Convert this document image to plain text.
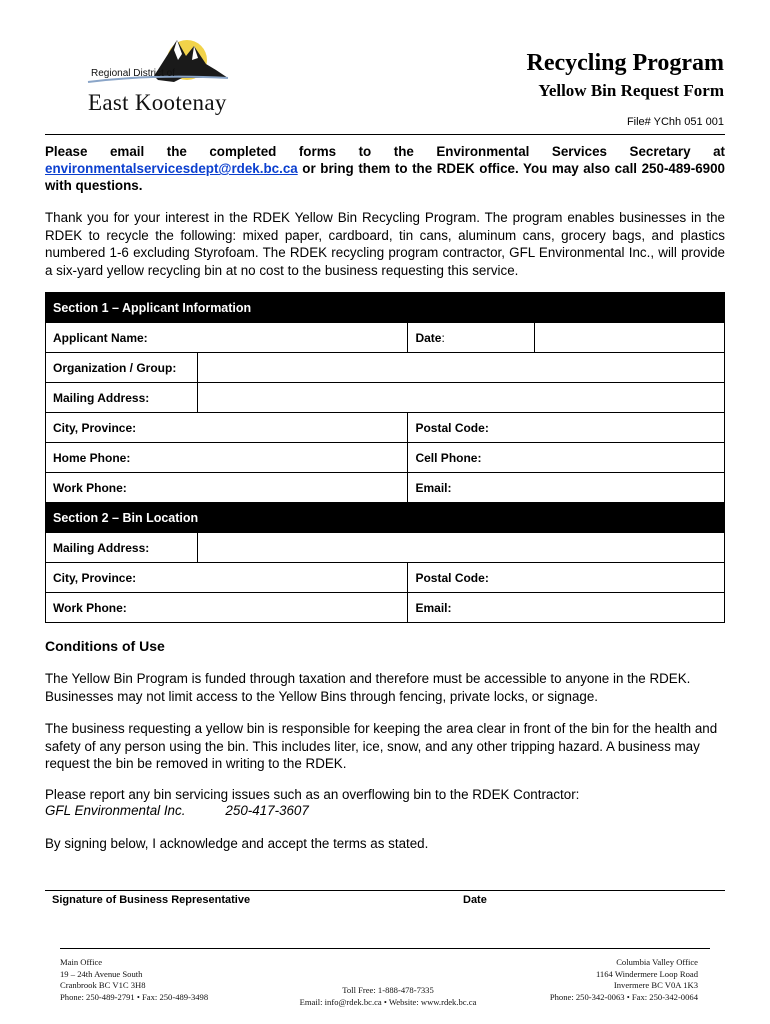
Regional District of
East Kootenay
Recycling Program
Yellow Bin Request Form
File# YChh 051 001
Please email the completed forms to the Environmental Services Secretary at environmentalservicesdept@rdek.bc.ca or bring them to the RDEK office. You may also call 250-489-6900 with questions.
Thank you for your interest in the RDEK Yellow Bin Recycling Program. The program enables businesses in the RDEK to recycle the following: mixed paper, cardboard, tin cans, aluminum cans, grocery bags, and plastics numbered 1-6 excluding Styrofoam. The RDEK recycling program contractor, GFL Environmental Inc., will provide a six-yard yellow recycling bin at no cost to the business requesting this service.
Section 1 – Applicant Information			
Applicant Name:		Date:	
Organization / Group:			
Mailing Address:			
City, Province:		Postal Code:	
Home Phone:		Cell Phone:	
Work Phone:		Email:	
Section 2 – Bin Location			
Mailing Address:			
City, Province:		Postal Code:	
Work Phone:		Email:	
Conditions of Use
The Yellow Bin Program is funded through taxation and therefore must be accessible to anyone in the RDEK. Businesses may not limit access to the Yellow Bins through fencing, private locks, or signage.
The business requesting a yellow bin is responsible for keeping the area clear in front of the bin for the health and safety of any person using the bin. This includes liter, ice, snow, and any other tripping hazard. A business may request the bin be removed in writing to the RDEK.
Please report any bin servicing issues such as an overflowing bin to the RDEK Contractor:
GFL Environmental Inc.	250-417-3607
By signing below, I acknowledge and accept the terms as stated.
Signature of Business Representative	Date
Main Office
19 – 24th Avenue South
Cranbrook BC V1C 3H8
Phone: 250-489-2791 • Fax: 250-489-3498
Toll Free: 1-888-478-7335
Email: info@rdek.bc.ca • Website: www.rdek.bc.ca
Columbia Valley Office
1164 Windermere Loop Road
Invermere BC V0A 1K3
Phone: 250-342-0063 • Fax: 250-342-0064
